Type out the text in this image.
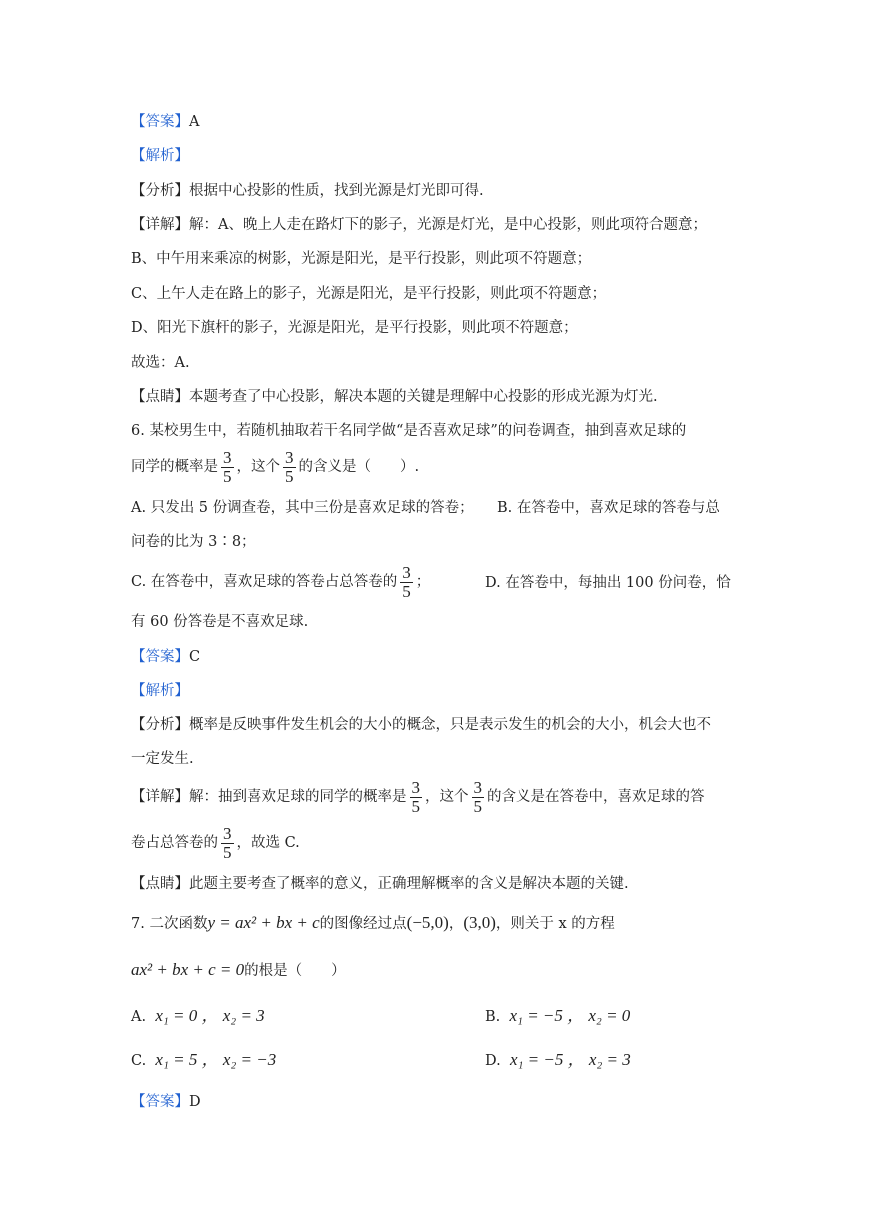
【答案】A
【解析】
【分析】根据中心投影的性质，找到光源是灯光即可得.
【详解】解：A、晚上人走在路灯下的影子，光源是灯光，是中心投影，则此项符合题意；
B、中午用来乘凉的树影，光源是阳光，是平行投影，则此项不符题意；
C、上午人走在路上的影子，光源是阳光，是平行投影，则此项不符题意；
D、阳光下旗杆的影子，光源是阳光，是平行投影，则此项不符题意；
故选：A.
【点睛】本题考查了中心投影，解决本题的关键是理解中心投影的形成光源为灯光.
6. 某校男生中，若随机抽取若干名同学做“是否喜欢足球”的问卷调查，抽到喜欢足球的
同学的概率是 $\frac{3}{5}$ ，这个 $\frac{3}{5}$ 的含义是（　　）.
A. 只发出 5 份调查卷，其中三份是喜欢足球的答卷； B. 在答卷中，喜欢足球的答卷与总
问卷的比为 3∶8；
C. 在答卷中，喜欢足球的答卷占总答卷的 $\frac{3}{5}$ ；	D. 在答卷中，每抽出 100 份问卷，恰
有 60 份答卷是不喜欢足球.
【答案】C
【解析】
【分析】概率是反映事件发生机会的大小的概念，只是表示发生的机会的大小，机会大也不
一定发生.
【详解】解：抽到喜欢足球的同学的概率是 $\frac{3}{5}$ ，这个 $\frac{3}{5}$ 的含义是在答卷中，喜欢足球的答
卷占总答卷的 $\frac{3}{5}$ ，故选 C.
【点睛】此题主要考查了概率的意义，正确理解概率的含义是解决本题的关键.
7. 二次函数y = ax² + bx + c的图像经过点(−5,0)，(3,0)，则关于 x 的方程
ax² + bx + c = 0的根是（　　）
A. x₁ = 0 ， x₂ = 3	B. x₁ = −5 ， x₂ = 0
C. x₁ = 5 ， x₂ = −3	D. x₁ = −5 ， x₂ = 3
【答案】D
